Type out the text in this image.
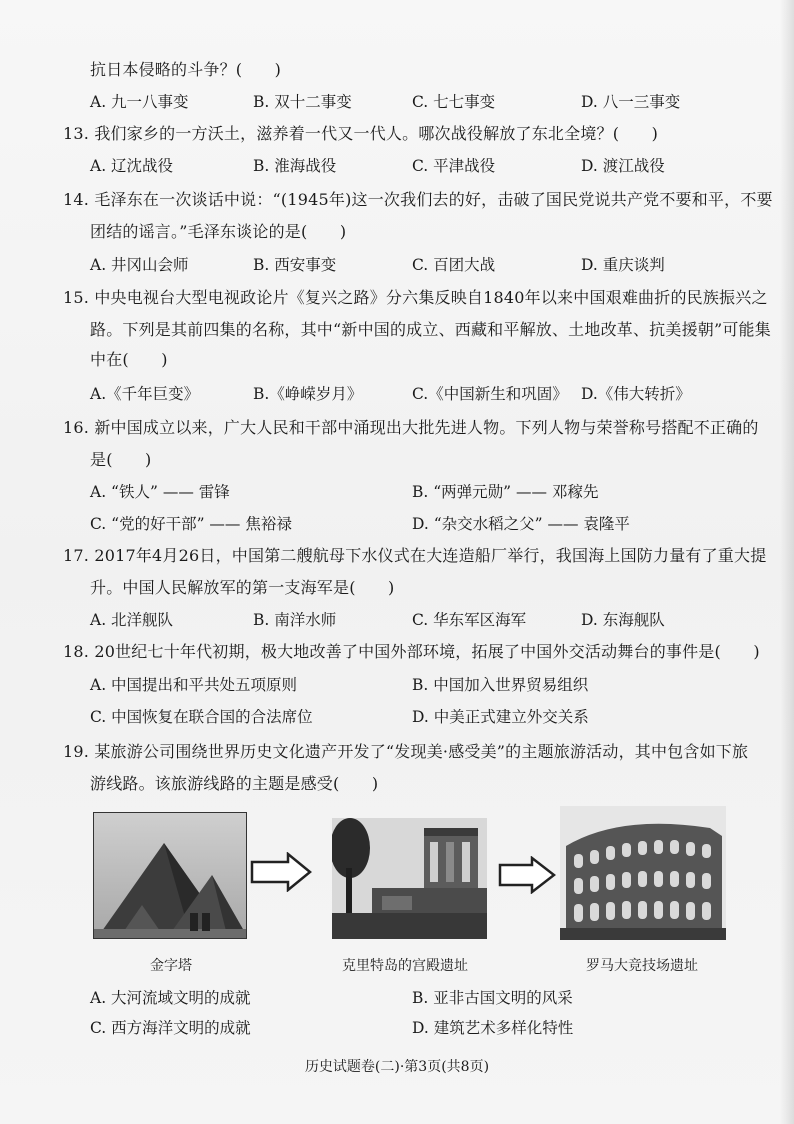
抗日本侵略的斗争？(　　)
A. 九一八事变	B. 双十二事变	C. 七七事变	D. 八一三事变
13. 我们家乡的一方沃土，滋养着一代又一代人。哪次战役解放了东北全境？(　　)
A. 辽沈战役	B. 淮海战役	C. 平津战役	D. 渡江战役
14. 毛泽东在一次谈话中说：“(1945年)这一次我们去的好，击破了国民党说共产党不要和平，不要
团结的谣言。”毛泽东谈论的是(　　)
A. 井冈山会师	B. 西安事变	C. 百团大战	D. 重庆谈判
15. 中央电视台大型电视政论片《复兴之路》分六集反映自1840年以来中国艰难曲折的民族振兴之
路。下列是其前四集的名称，其中“新中国的成立、西藏和平解放、土地改革、抗美援朝”可能集
中在(　　)
A.《千年巨变》	B.《峥嵘岁月》	C.《中国新生和巩固》 D.《伟大转折》
16. 新中国成立以来，广大人民和干部中涌现出大批先进人物。下列人物与荣誉称号搭配不正确的
是(　　)
A. “铁人” —— 雷锋	B. “两弹元勋” —— 邓稼先
C. “党的好干部” —— 焦裕禄	D. “杂交水稻之父” —— 袁隆平
17. 2017年4月26日，中国第二艘航母下水仪式在大连造船厂举行，我国海上国防力量有了重大提
升。中国人民解放军的第一支海军是(　　)
A. 北洋舰队	B. 南洋水师	C. 华东军区海军	D. 东海舰队
18. 20世纪七十年代初期，极大地改善了中国外部环境，拓展了中国外交活动舞台的事件是(　　)
A. 中国提出和平共处五项原则	B. 中国加入世界贸易组织
C. 中国恢复在联合国的合法席位	D. 中美正式建立外交关系
19. 某旅游公司围绕世界历史文化遗产开发了“发现美·感受美”的主题旅游活动，其中包含如下旅
游线路。该旅游线路的主题是感受(　　)
金字塔	克里特岛的宫殿遗址	罗马大竞技场遗址
A. 大河流域文明的成就	B. 亚非古国文明的风采
C. 西方海洋文明的成就	D. 建筑艺术多样化特性
历史试题卷(二)·第3页(共8页)
